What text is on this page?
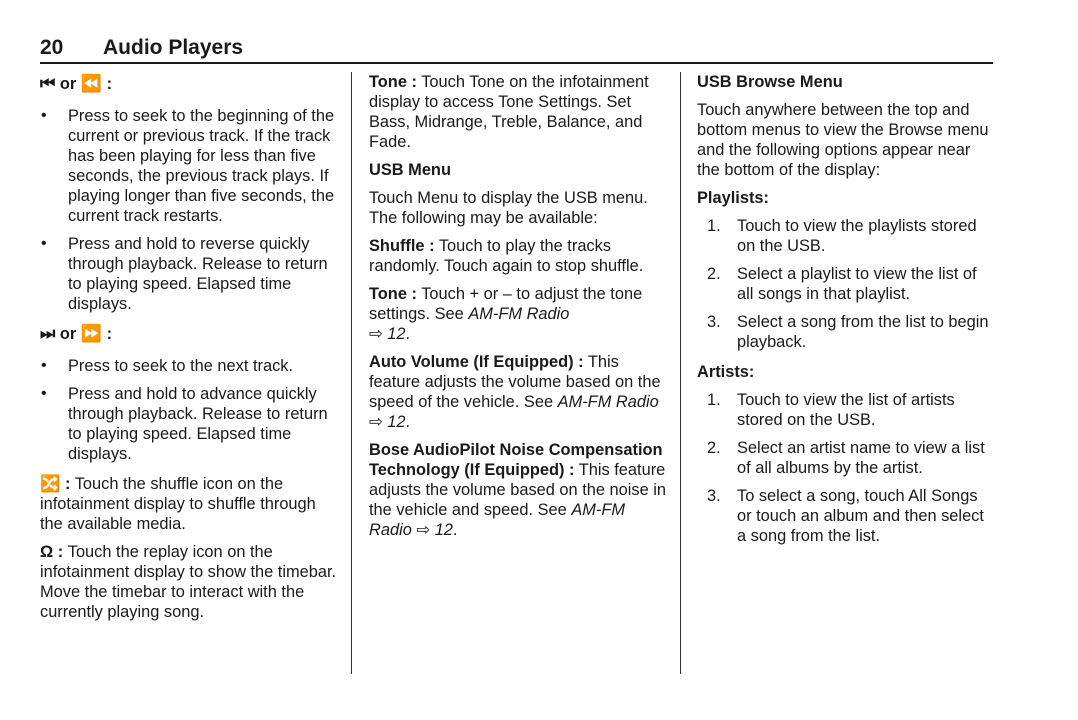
20 Audio Players

⏮ or ⏪ :

• Press to seek to the beginning of the current or previous track. If the track has been playing for less than five seconds, the previous track plays. If playing longer than five seconds, the current track restarts.
• Press and hold to reverse quickly through playback. Release to return to playing speed. Elapsed time displays.

⏭ or ⏩ :

• Press to seek to the next track.
• Press and hold to advance quickly through playback. Release to return to playing speed. Elapsed time displays.

🔀 : Touch the shuffle icon on the infotainment display to shuffle through the available media.

Ω : Touch the replay icon on the infotainment display to show the timebar. Move the timebar to interact with the currently playing song.

Tone : Touch Tone on the infotainment display to access Tone Settings. Set Bass, Midrange, Treble, Balance, and Fade.

USB Menu

Touch Menu to display the USB menu. The following may be available:

Shuffle : Touch to play the tracks randomly. Touch again to stop shuffle.

Tone : Touch + or – to adjust the tone settings. See AM-FM Radio
⇨ 12.

Auto Volume (If Equipped) : This feature adjusts the volume based on the speed of the vehicle. See AM-FM Radio ⇨ 12.

Bose AudioPilot Noise Compensation Technology (If Equipped) : This feature adjusts the volume based on the noise in the vehicle and speed. See AM-FM Radio ⇨ 12.

USB Browse Menu

Touch anywhere between the top and bottom menus to view the Browse menu and the following options appear near the bottom of the display:

Playlists:

1. Touch to view the playlists stored on the USB.
2. Select a playlist to view the list of all songs in that playlist.
3. Select a song from the list to begin playback.

Artists:

1. Touch to view the list of artists stored on the USB.
2. Select an artist name to view a list of all albums by the artist.
3. To select a song, touch All Songs or touch an album and then select a song from the list.
